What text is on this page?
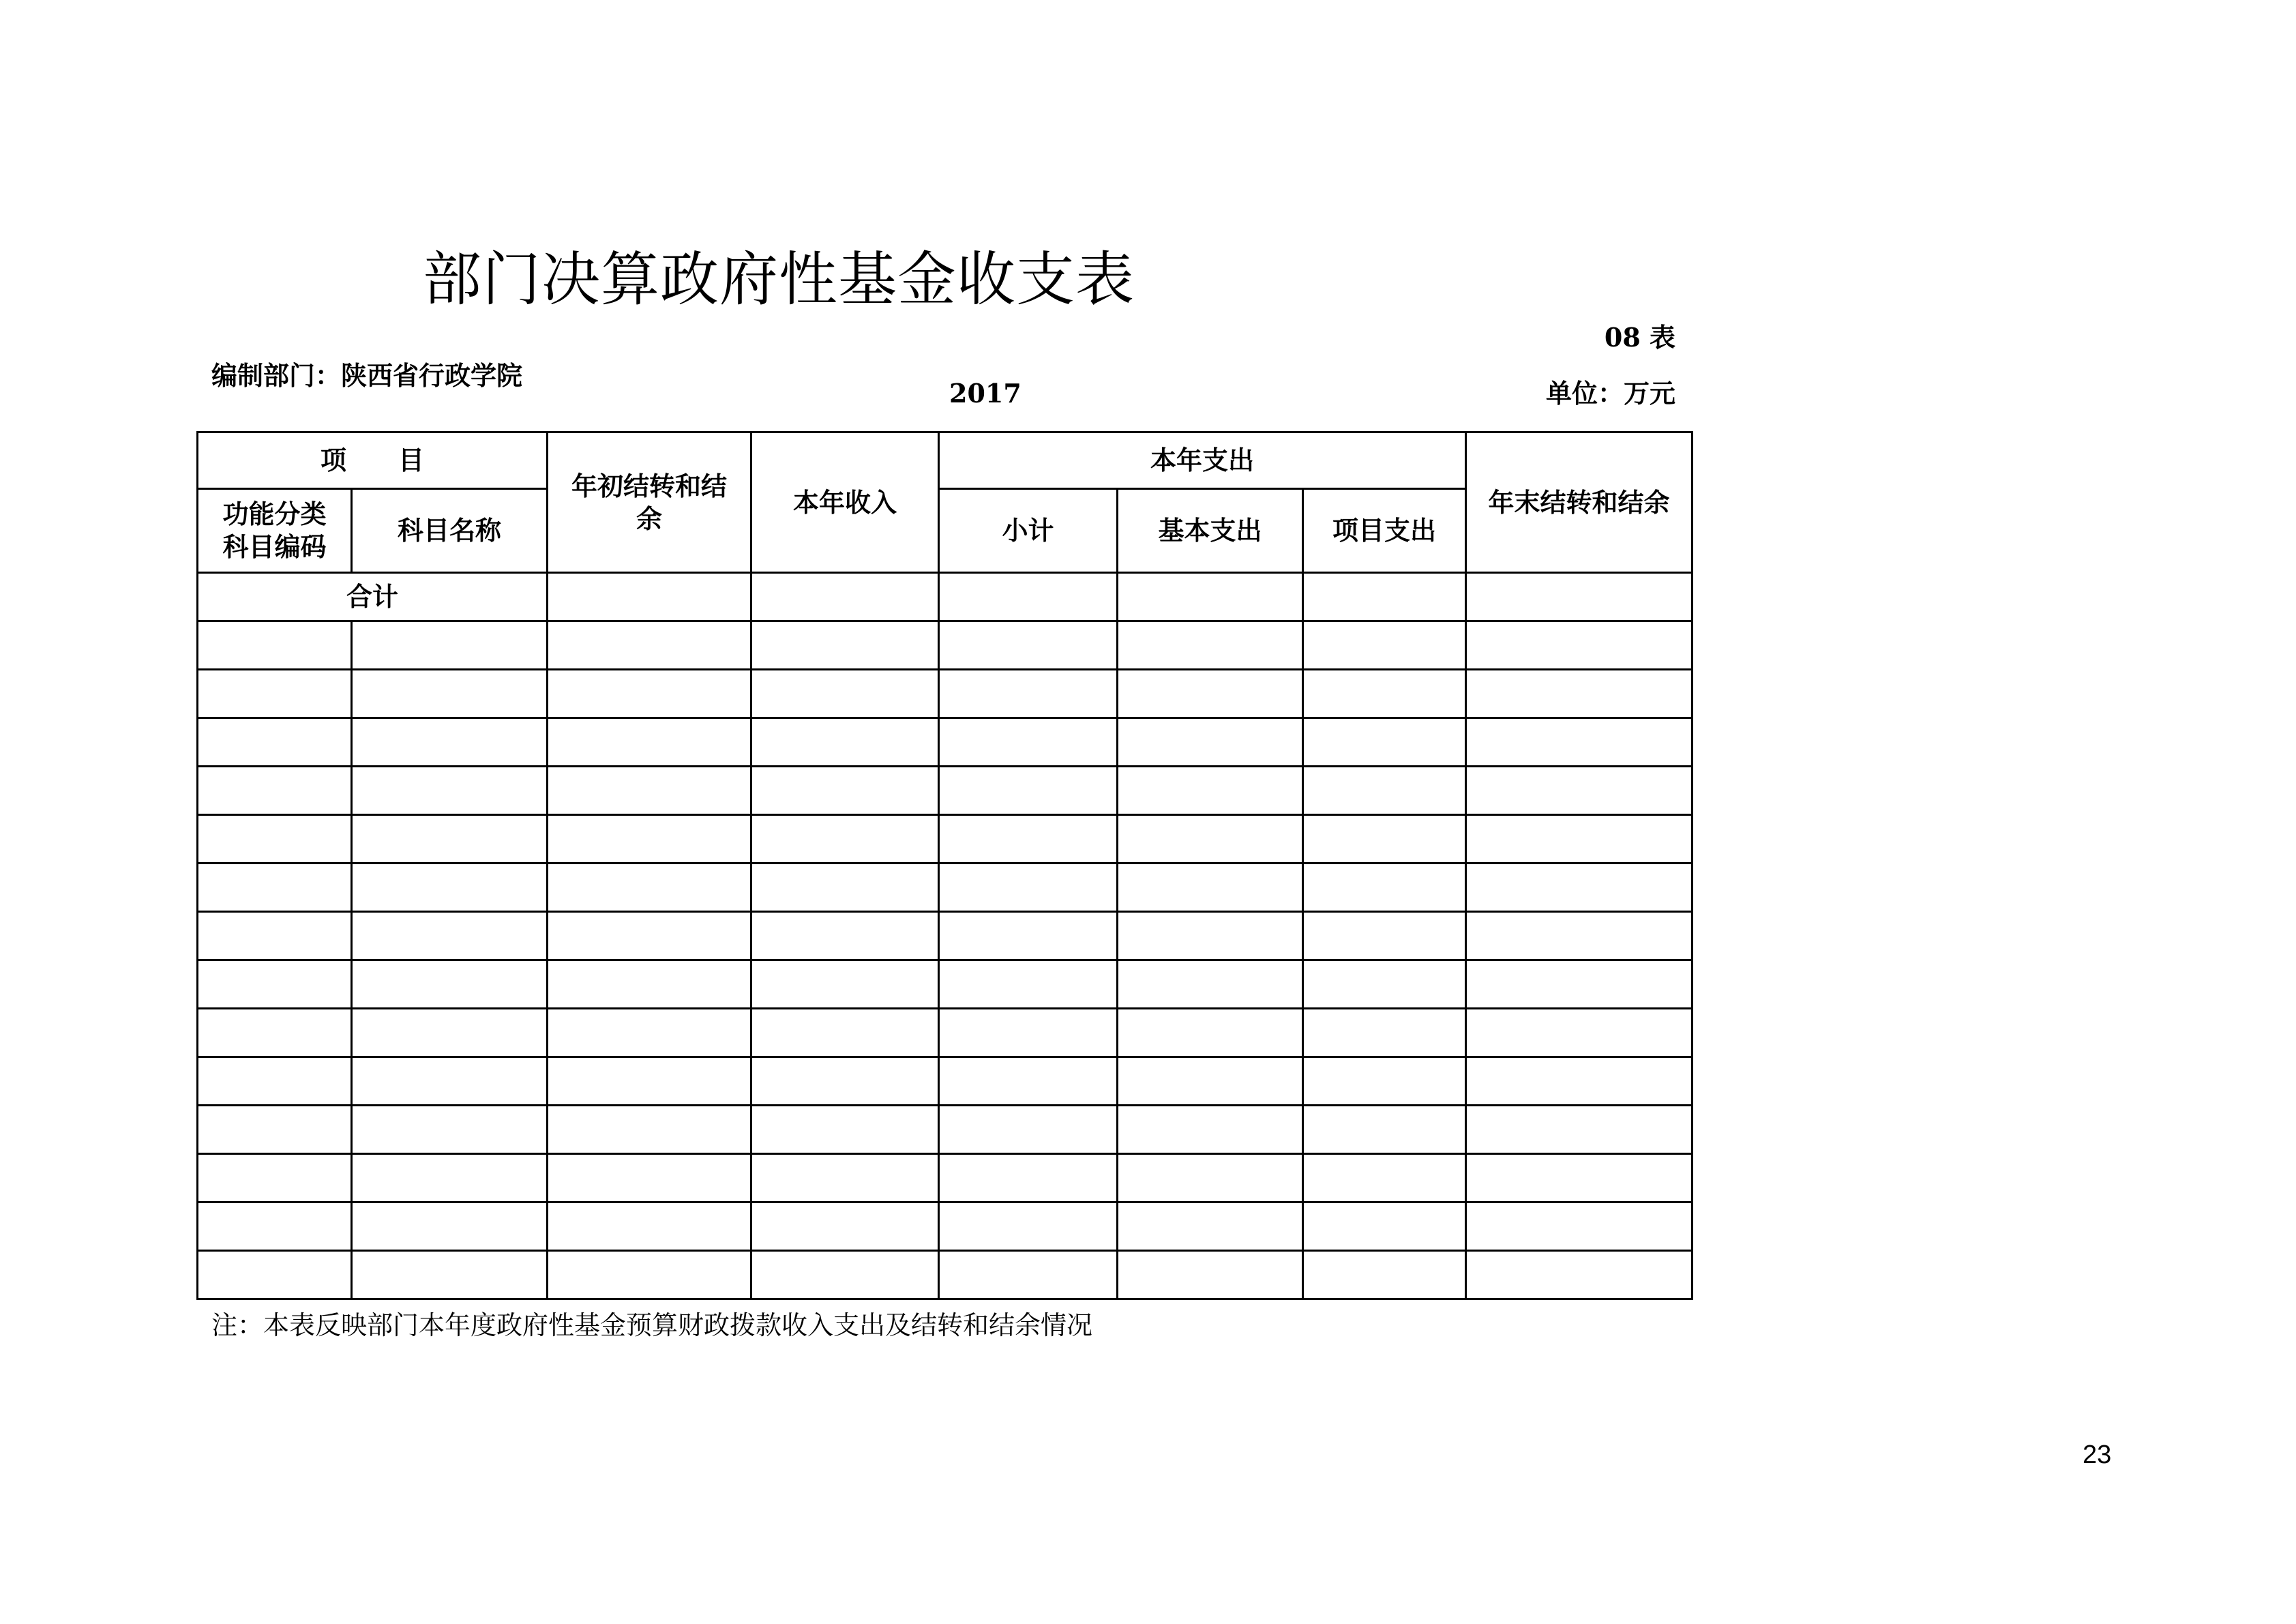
部门决算政府性基金收支表
08 表
编制部门：陕西省行政学院
2017	单位：万元
项　　目		年初结转和结余	本年收入	本年支出			年末结转和结余
功能分类科目编码	科目名称			小计	基本支出	项目支出	
合计							

注：本表反映部门本年度政府性基金预算财政拨款收入支出及结转和结余情况
23
